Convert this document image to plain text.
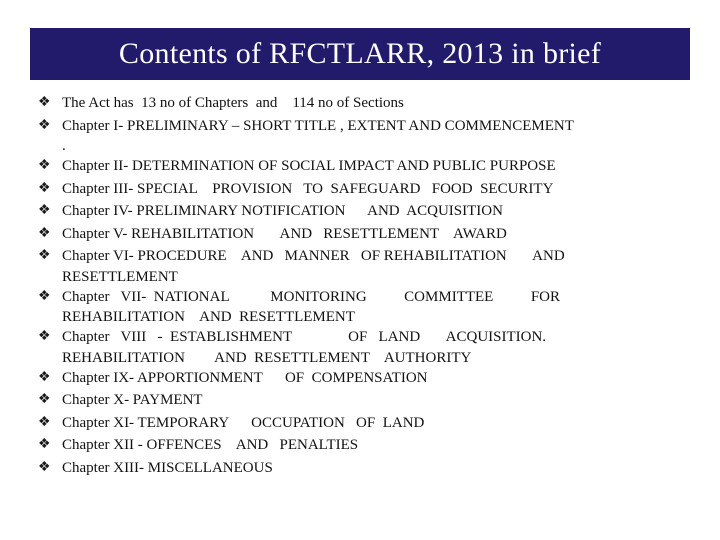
Contents of RFCTLARR, 2013 in brief
❖ The Act has  13 no of Chapters  and    114 no of Sections
❖ Chapter I- PRELIMINARY – SHORT TITLE , EXTENT AND COMMENCEMENT
.
❖ Chapter II- DETERMINATION OF SOCIAL IMPACT AND PUBLIC PURPOSE
❖ Chapter III- SPECIAL    PROVISION   TO  SAFEGUARD   FOOD  SECURITY
❖ Chapter IV- PRELIMINARY NOTIFICATION      AND  ACQUISITION
❖ Chapter V- REHABILITATION       AND   RESETTLEMENT    AWARD
❖ Chapter VI- PROCEDURE    AND   MANNER   OF REHABILITATION       AND
RESETTLEMENT
❖ Chapter   VII-  NATIONAL           MONITORING          COMMITTEE          FOR
REHABILITATION    AND  RESETTLEMENT
❖ Chapter   VIII   -  ESTABLISHMENT               OF   LAND       ACQUISITION.
REHABILITATION        AND  RESETTLEMENT    AUTHORITY
❖ Chapter IX- APPORTIONMENT      OF  COMPENSATION
❖ Chapter X- PAYMENT
❖ Chapter XI- TEMPORARY      OCCUPATION   OF  LAND
❖ Chapter XII - OFFENCES    AND   PENALTIES
❖ Chapter XIII- MISCELLANEOUS
